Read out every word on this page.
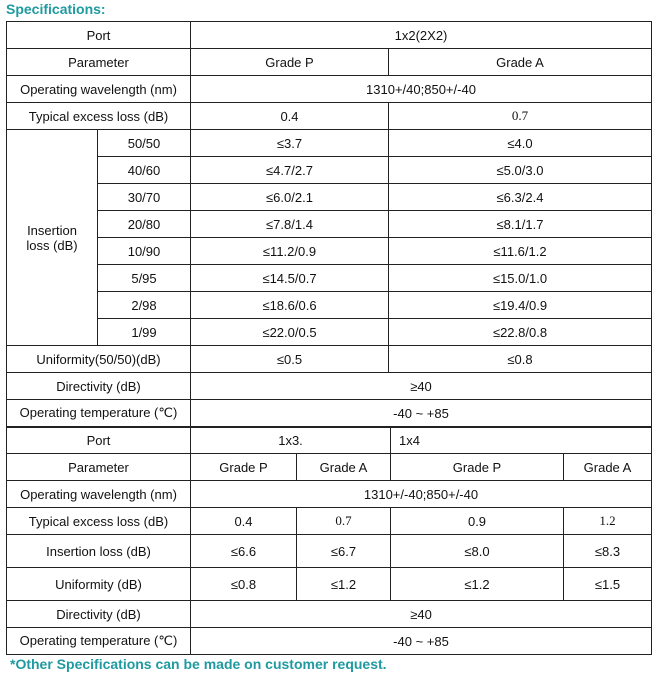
Specifications:
Port		1x2(2X2)	
Parameter		Grade P	Grade A
Operating wavelength (nm)		1310+/40;850+/-40	
Typical excess loss (dB)		0.4	0.7
Insertion
loss (dB)	50/50	≤3.7	≤4.0
	40/60	≤4.7/2.7	≤5.0/3.0
	30/70	≤6.0/2.1	≤6.3/2.4
	20/80	≤7.8/1.4	≤8.1/1.7
	10/90	≤11.2/0.9	≤11.6/1.2
	5/95	≤14.5/0.7	≤15.0/1.0
	2/98	≤18.6/0.6	≤19.4/0.9
	1/99	≤22.0/0.5	≤22.8/0.8
Uniformity(50/50)(dB)		≤0.5	≤0.8
Directivity (dB)		≥40	
Operating temperature (℃)		-40 ~ +85	
Port	1x3.		1x4	
Parameter	Grade P	Grade A	Grade P	Grade A
Operating wavelength (nm)	1310+/-40;850+/-40			
Typical excess loss (dB)	0.4	0.7	0.9	1.2
Insertion loss (dB)	≤6.6	≤6.7	≤8.0	≤8.3
Uniformity (dB)	≤0.8	≤1.2	≤1.2	≤1.5
Directivity (dB)	≥40			
Operating temperature (℃)	-40 ~ +85			
*Other Specifications can be made on customer request.
